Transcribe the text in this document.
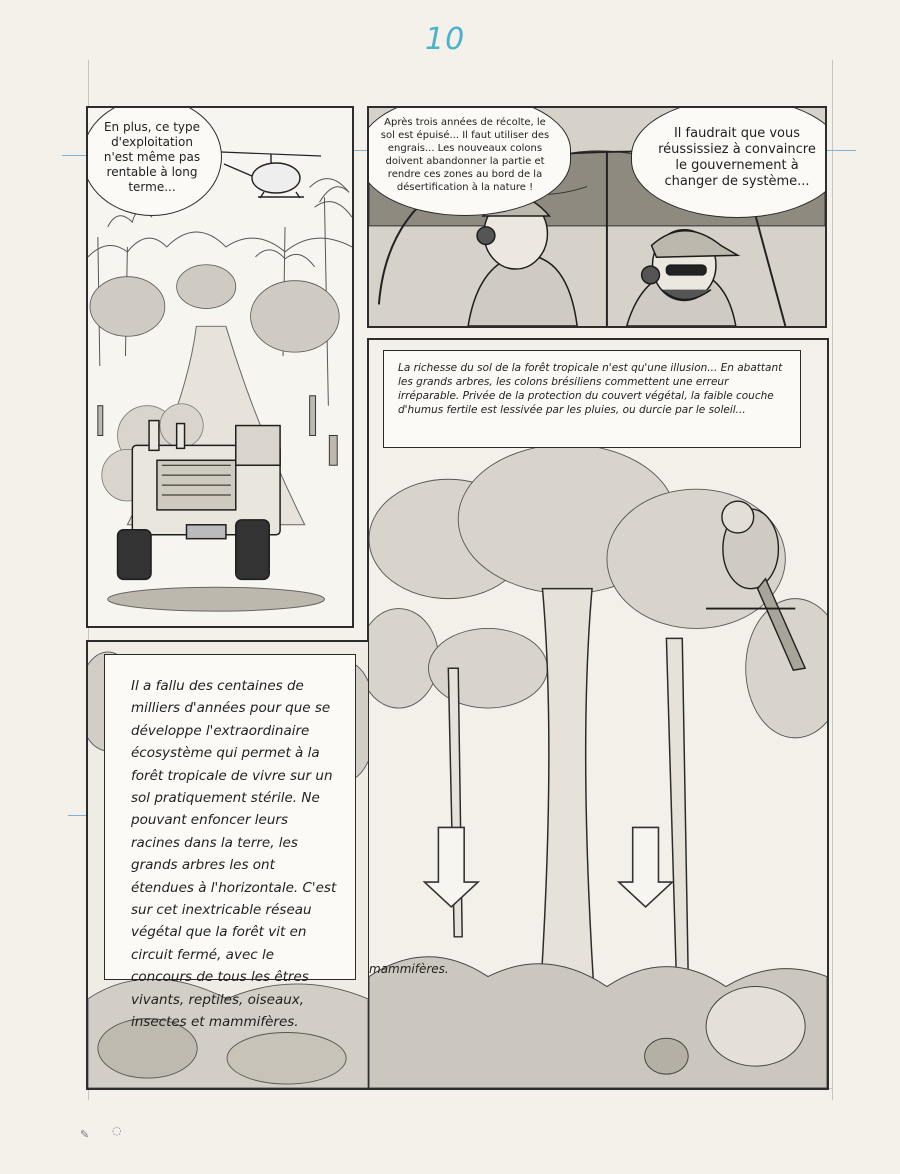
10
En plus, ce type d'exploitation n'est même pas rentable à long terme...
Après trois années de récolte, le sol est épuisé... Il faut utiliser des engrais... Les nouveaux colons doivent abandonner la partie et rendre ces zones au bord de la désertification à la nature !
Il faudrait que vous réussissiez à convaincre le gouvernement à changer de système...
La richesse du sol de la forêt tropicale n'est qu'une illusion... En abattant les grands arbres, les colons brésiliens commettent une erreur irréparable. Privée de la protection du couvert végétal, la faible couche d'humus fertile est lessivée par les pluies, ou durcie par le soleil...
mammifères.
Il a fallu des centaines de milliers d'années pour que se développe l'extraordinaire écosystème qui permet à la forêt tropicale de vivre sur un sol pratiquement stérile. Ne pouvant enfoncer leurs racines dans la terre, les grands arbres les ont étendues à l'horizontale. C'est sur cet inextricable réseau végétal que la forêt vit en circuit fermé, avec le concours de tous les êtres vivants, reptiles, oiseaux, insectes et mammifères.
✎ ◌
